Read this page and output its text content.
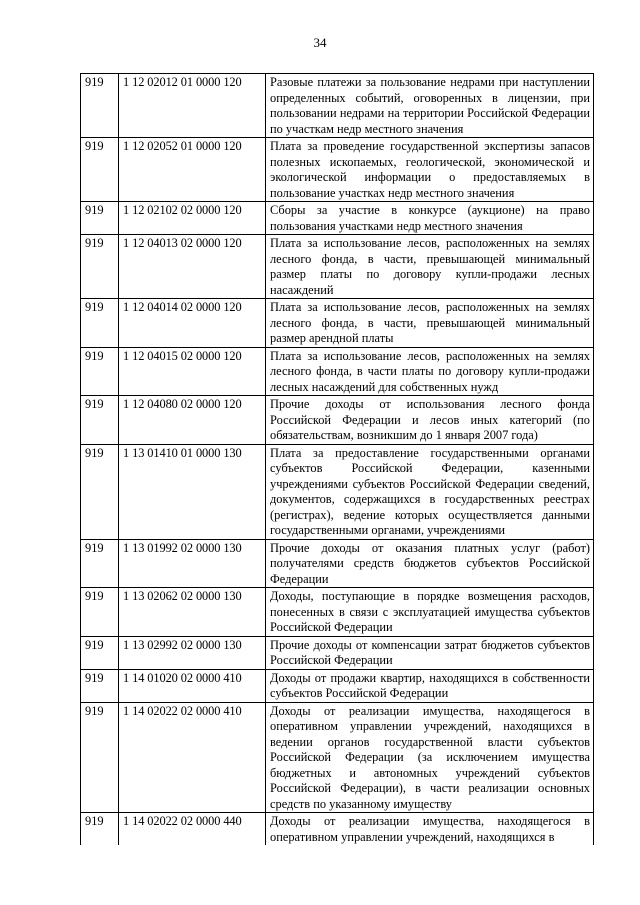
34
919	1 12 02012 01 0000 120	Разовые платежи за пользование недрами при наступлении определенных событий, оговоренных в лицензии, при пользовании недрами на территории Российской Федерации по участкам недр местного значения
919	1 12 02052 01 0000 120	Плата за проведение государственной экспертизы запасов полезных ископаемых, геологической, экономической и экологической информации о предоставляемых в пользование участках недр местного значения
919	1 12 02102 02 0000 120	Сборы за участие в конкурсе (аукционе) на право пользования участками недр местного значения
919	1 12 04013 02 0000 120	Плата за использование лесов, расположенных на землях лесного фонда, в части, превышающей минимальный размер платы по договору купли-продажи лесных насаждений
919	1 12 04014 02 0000 120	Плата за использование лесов, расположенных на землях лесного фонда, в части, превышающей минимальный размер арендной платы
919	1 12 04015 02 0000 120	Плата за использование лесов, расположенных на землях лесного фонда, в части платы по договору купли-продажи лесных насаждений для собственных нужд
919	1 12 04080 02 0000 120	Прочие доходы от использования лесного фонда Российской Федерации и лесов иных категорий (по обязательствам, возникшим до 1 января 2007 года)
919	1 13 01410 01 0000 130	Плата за предоставление государственными органами субъектов Российской Федерации, казенными учреждениями субъектов Российской Федерации сведений, документов, содержащихся в государственных реестрах (регистрах), ведение которых осуществляется данными государственными органами, учреждениями
919	1 13 01992 02 0000 130	Прочие доходы от оказания платных услуг (работ) получателями средств бюджетов субъектов Российской Федерации
919	1 13 02062 02 0000 130	Доходы, поступающие в порядке возмещения расходов, понесенных в связи с эксплуатацией имущества субъектов Российской Федерации
919	1 13 02992 02 0000 130	Прочие доходы от компенсации затрат бюджетов субъектов Российской Федерации
919	1 14 01020 02 0000 410	Доходы от продажи квартир, находящихся в собственности субъектов Российской Федерации
919	1 14 02022 02 0000 410	Доходы от реализации имущества, находящегося в оперативном управлении учреждений, находящихся в ведении органов государственной власти субъектов Российской Федерации (за исключением имущества бюджетных и автономных учреждений субъектов Российской Федерации), в части реализации основных средств по указанному имуществу
919	1 14 02022 02 0000 440	Доходы от реализации имущества, находящегося в оперативном управлении учреждений, находящихся в
